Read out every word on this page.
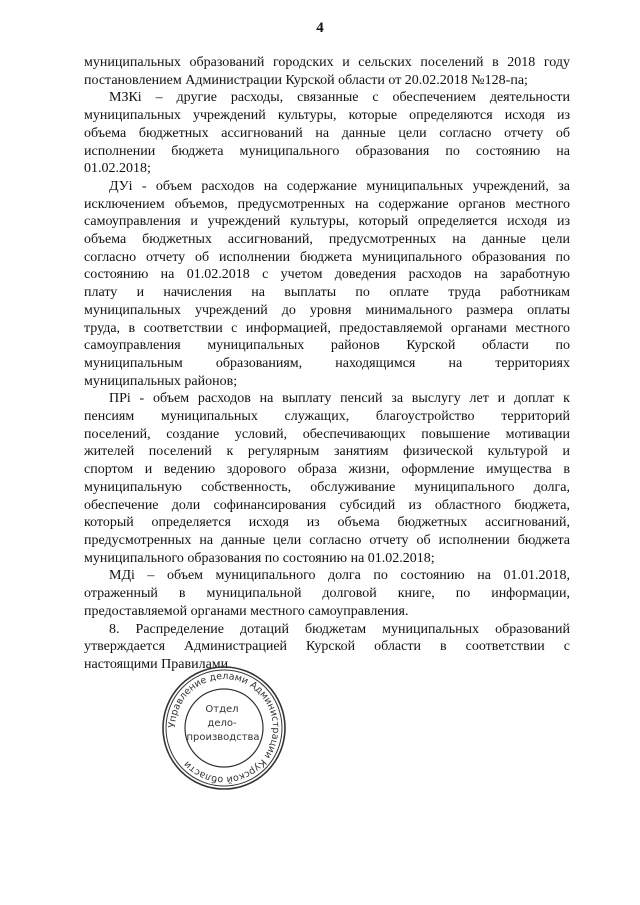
4
муниципальных образований городских и сельских поселений в 2018 году
постановлением Администрации Курской области от 20.02.2018 №128-па;
МЗКi – другие расходы, связанные с обеспечением деятельности
муниципальных учреждений культуры, которые определяются исходя из
объема бюджетных ассигнований на данные цели согласно отчету об
исполнении бюджета муниципального образования по состоянию на
01.02.2018;
ДУi - объем расходов на содержание муниципальных учреждений, за
исключением объемов, предусмотренных на содержание органов местного
самоуправления и учреждений культуры, который определяется исходя из
объема бюджетных ассигнований, предусмотренных на данные цели
согласно отчету об исполнении бюджета муниципального образования по
состоянию на 01.02.2018 с учетом доведения расходов на заработную
плату и начисления на выплаты по оплате труда работникам
муниципальных учреждений до уровня минимального размера оплаты
труда, в соответствии с информацией, предоставляемой органами местного
самоуправления муниципальных районов Курской области по
муниципальным образованиям, находящимся на территориях
муниципальных районов;
ПРi - объем расходов на выплату пенсий за выслугу лет и доплат к
пенсиям муниципальных служащих, благоустройство территорий
поселений, создание условий, обеспечивающих повышение мотивации
жителей поселений к регулярным занятиям физической культурой и
спортом и ведению здорового образа жизни, оформление имущества в
муниципальную собственность, обслуживание муниципального долга,
обеспечение доли софинансирования субсидий из областного бюджета,
который определяется исходя из объема бюджетных ассигнований,
предусмотренных на данные цели согласно отчету об исполнении бюджета
муниципального образования по состоянию на 01.02.2018;
МДi – объем муниципального долга по состоянию на 01.01.2018,
отраженный в муниципальной долговой книге, по информации,
предоставляемой органами местного самоуправления.
8. Распределение дотаций бюджетам муниципальных образований
утверждается Администрацией Курской области в соответствии с
настоящими Правилами.
Управление делами Администрации Курской области
Отдел
дело-
производства
